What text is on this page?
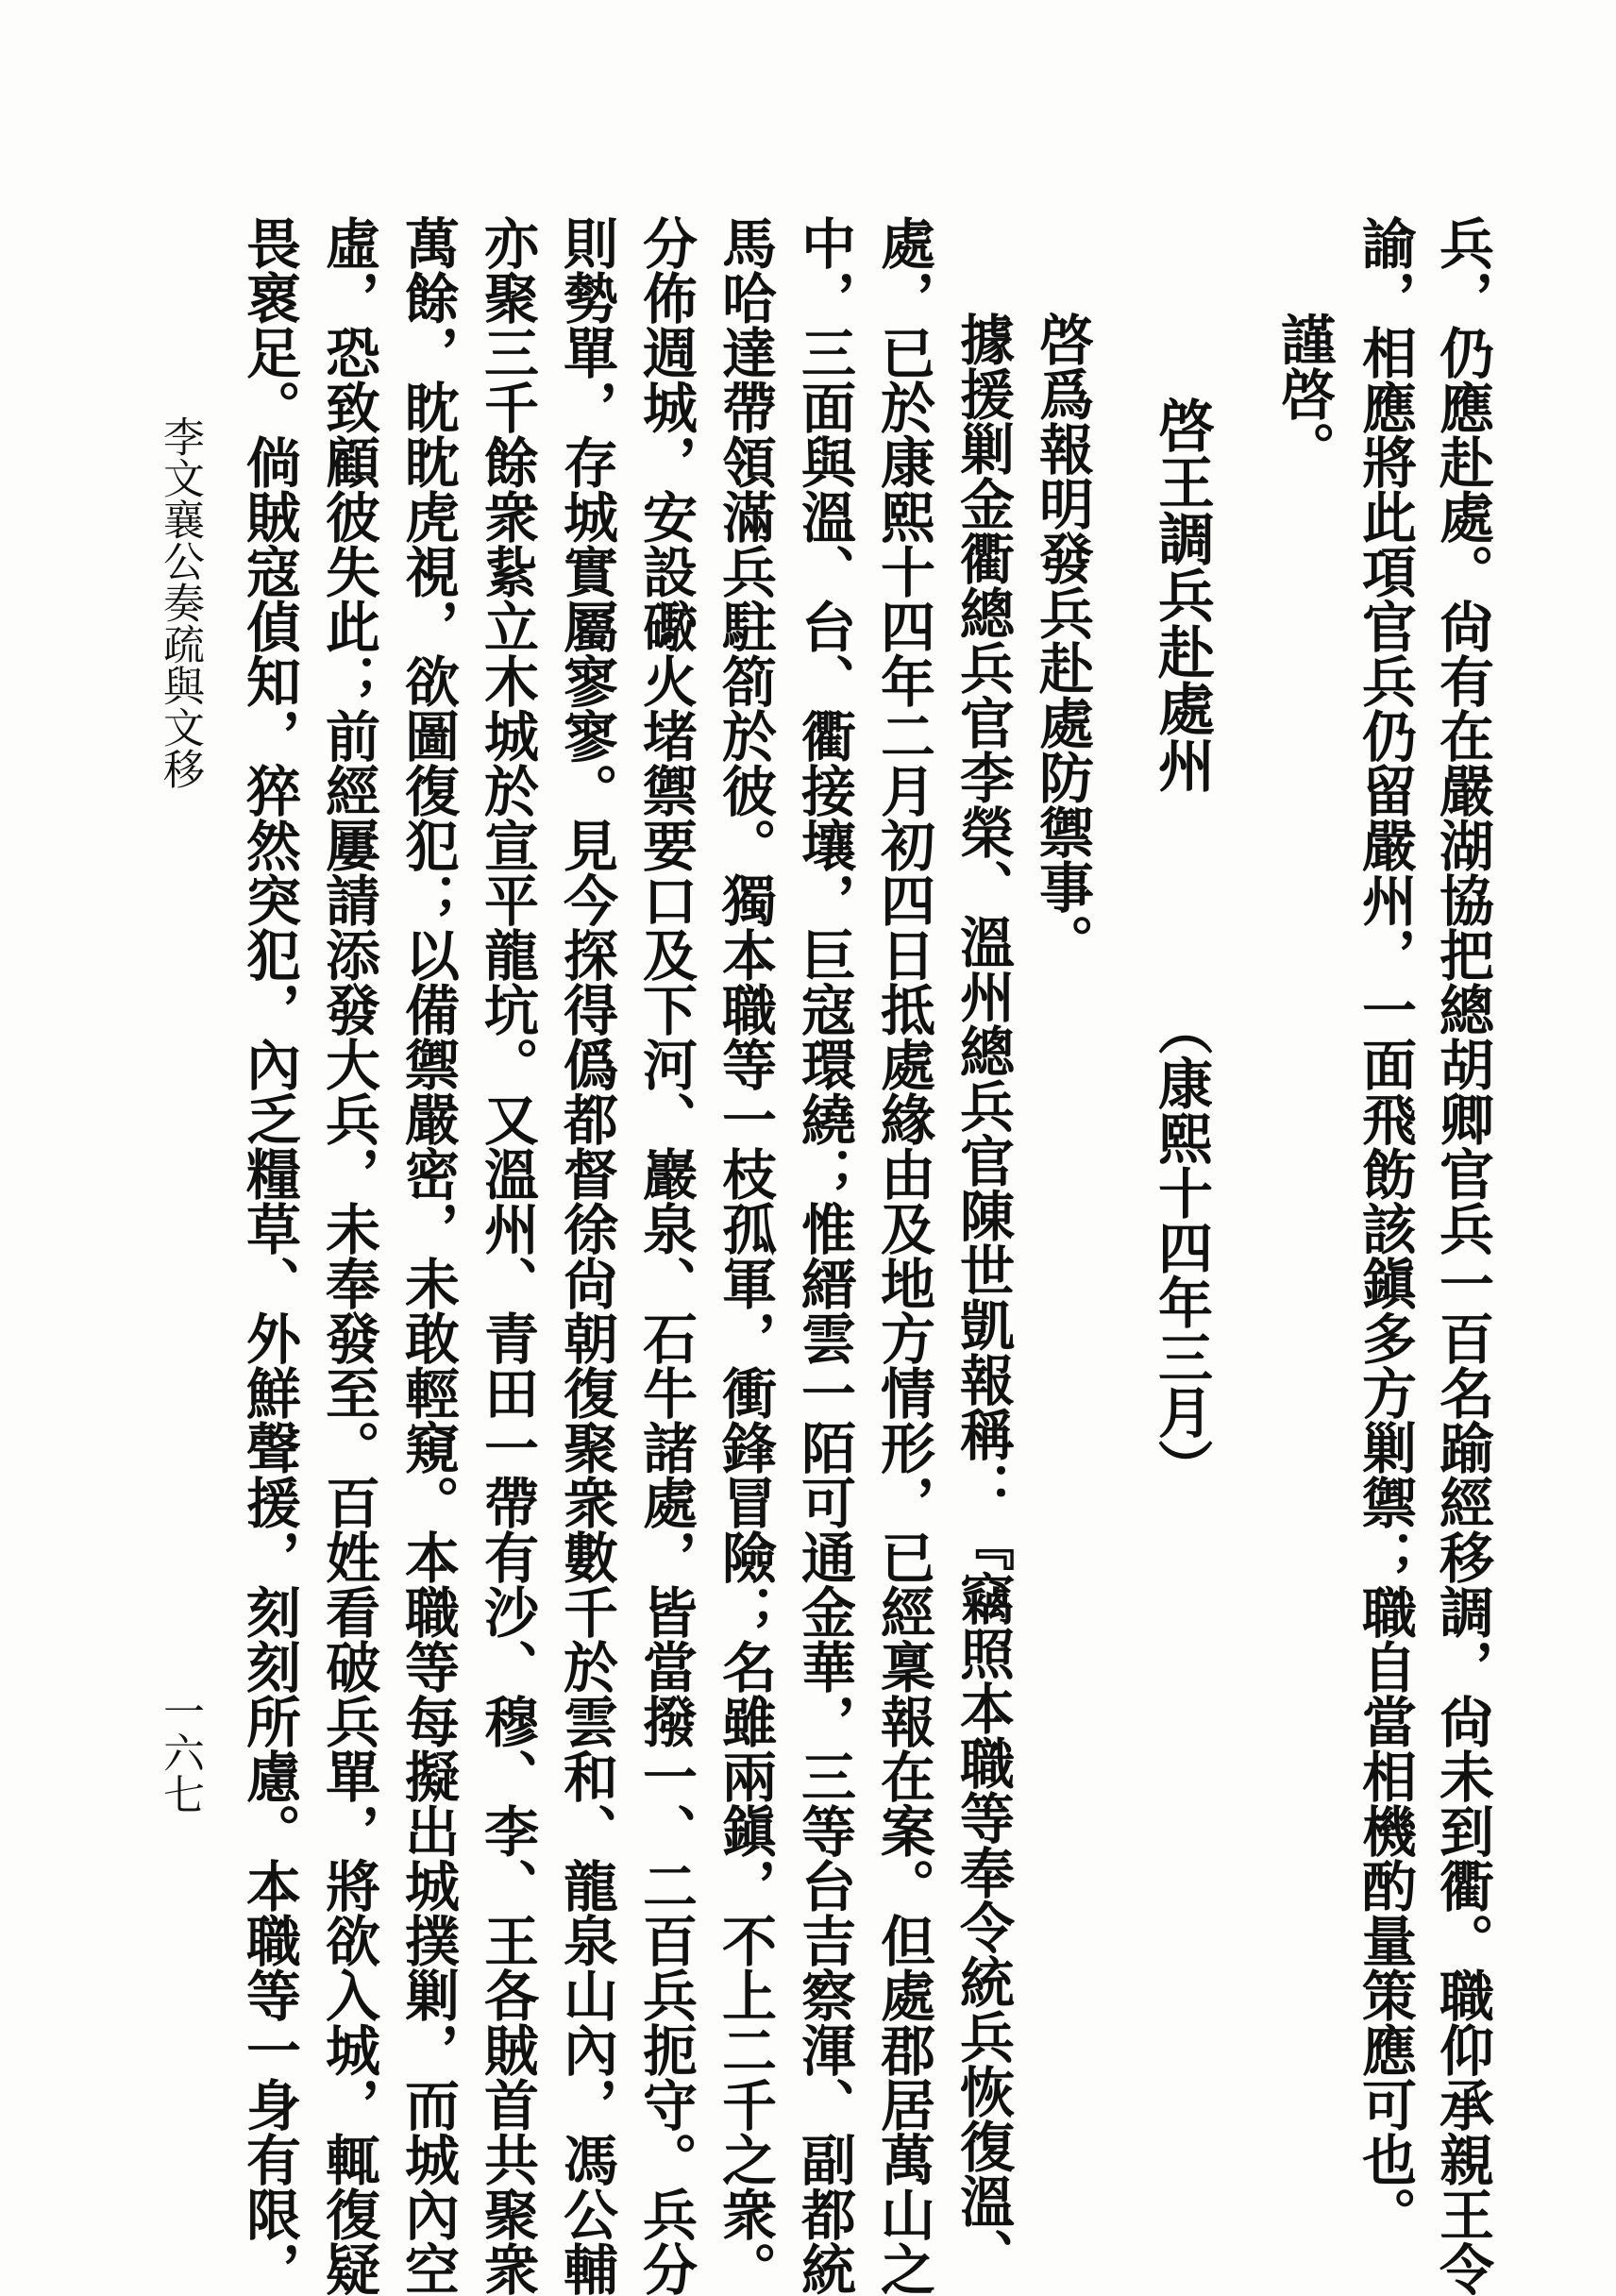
兵，仍應赴處。尙有在嚴湖協把總胡卿官兵一百名踰經移調，尙未到衢。職仰承親王令
諭，相應將此項官兵仍留嚴州，一面飛飭該鎭多方剿禦；職自當相機酌量策應可也。
謹啓。
啓王調兵赴處州
（康熙十四年三月）
啓爲報明發兵赴處防禦事。
據援剿金衢總兵官李榮、溫州總兵官陳世凱報稱：『竊照本職等奉令統兵恢復溫、
處，已於康熙十四年二月初四日抵處緣由及地方情形，已經稟報在案。但處郡居萬山之
中，三面與溫、台、衢接壤，巨寇環繞；惟縉雲一陌可通金華，三等台吉察渾、副都統
馬哈達帶領滿兵駐箚於彼。獨本職等一枝孤軍，衝鋒冒險；名雖兩鎭，不上二千之衆。
分佈週城，安設礮火堵禦要口及下河、巖泉、石牛諸處，皆當撥一、二百兵扼守。兵分
則勢單，存城實屬寥寥。見今探得僞都督徐尙朝復聚衆數千於雲和、龍泉山內，馮公輔
亦聚三千餘衆紥立木城於宣平龍坑。又溫州、青田一帶有沙、穆、李、王各賊首共聚衆
萬餘，眈眈虎視，欲圖復犯；以備禦嚴密，未敢輕窺。本職等每擬出城撲剿，而城內空
虛，恐致顧彼失此；前經屢請添發大兵，未奉發至。百姓看破兵單，將欲入城，輒復疑
畏褱足。倘賊寇偵知，猝然突犯，內乏糧草、外鮮聲援，刻刻所慮。本職等一身有限，
李文襄公奏疏與文移
一六七
